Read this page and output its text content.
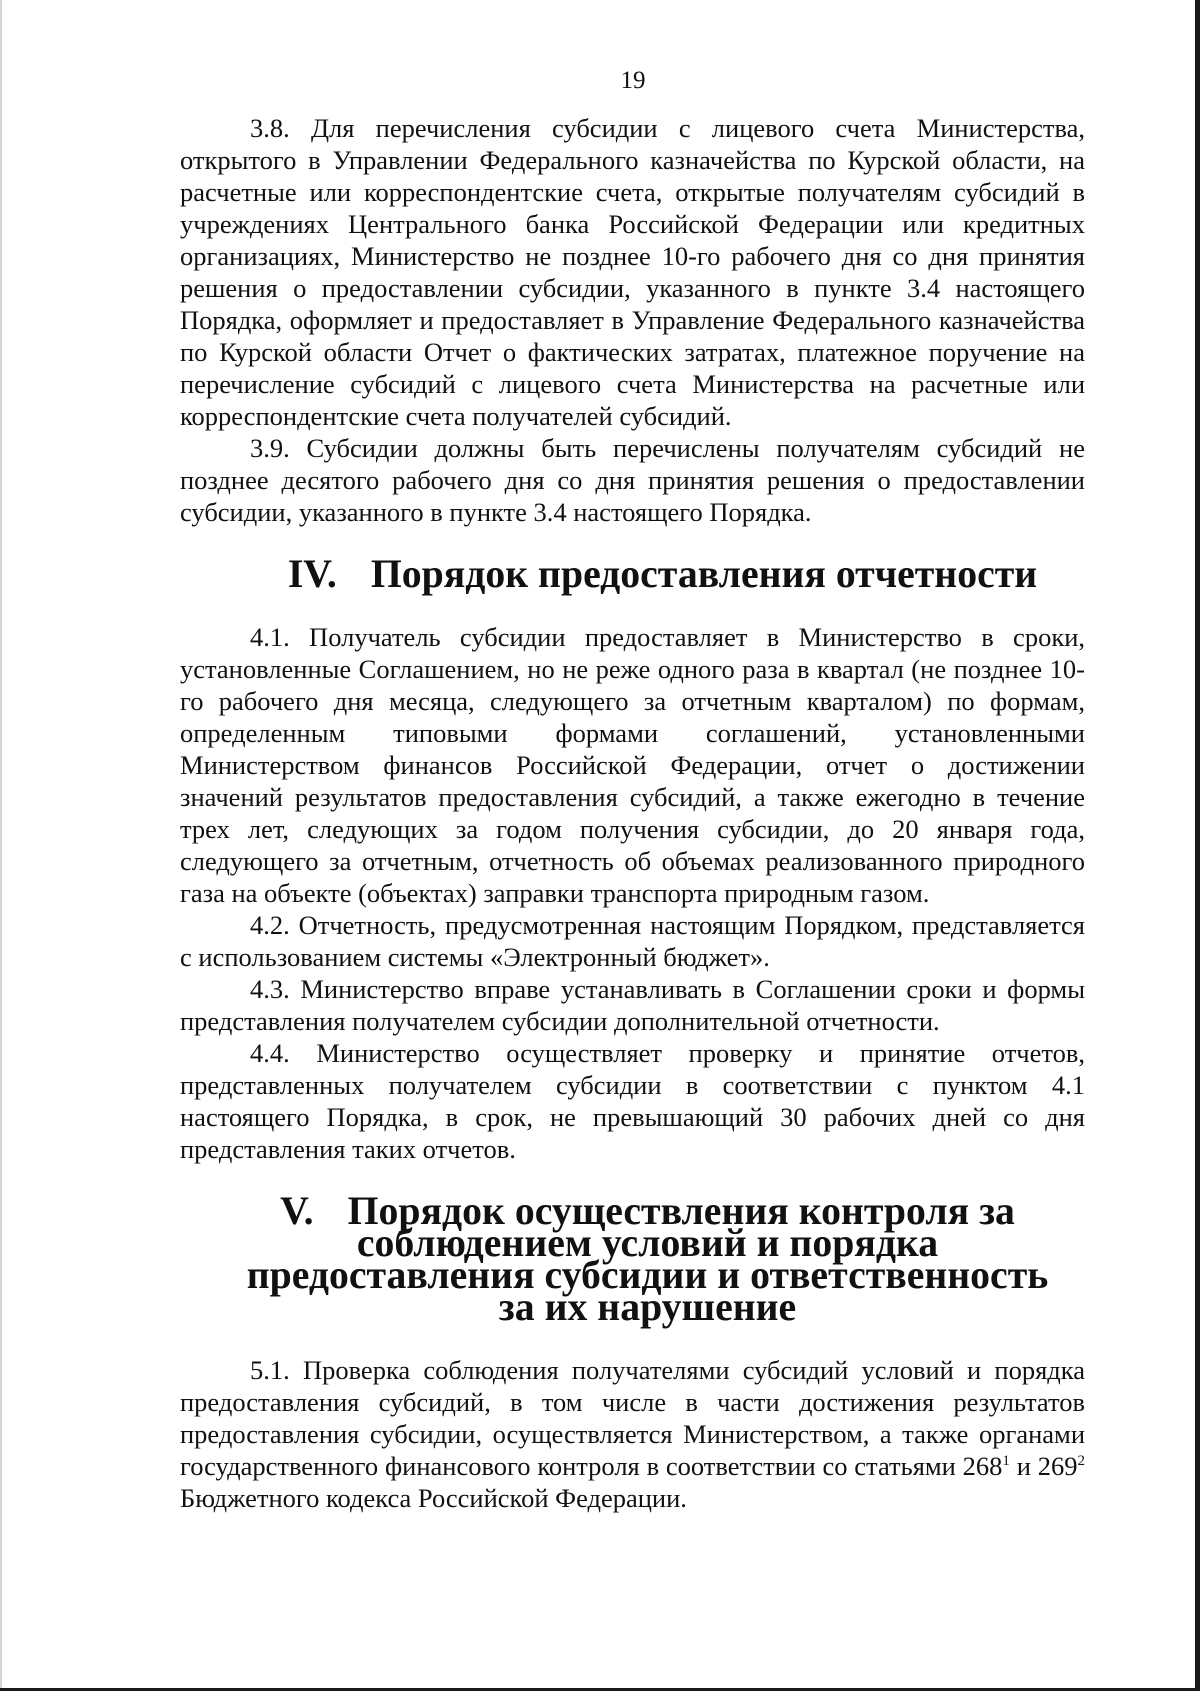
19

3.8. Для перечисления субсидии с лицевого счета Министерства, открытого в Управлении Федерального казначейства по Курской области, на расчетные или корреспондентские счета, открытые получателям субсидий в учреждениях Центрального банка Российской Федерации или кредитных организациях, Министерство не позднее 10-го рабочего дня со дня принятия решения о предоставлении субсидии, указанного в пункте 3.4 настоящего Порядка, оформляет и предоставляет в Управление Федерального казначейства по Курской области Отчет о фактических затратах, платежное поручение на перечисление субсидий с лицевого счета Министерства на расчетные или корреспондентские счета получателей субсидий.

3.9. Субсидии должны быть перечислены получателям субсидий не позднее десятого рабочего дня со дня принятия решения о предоставлении субсидии, указанного в пункте 3.4 настоящего Порядка.

IV. Порядок предоставления отчетности

4.1. Получатель субсидии предоставляет в Министерство в сроки, установленные Соглашением, но не реже одного раза в квартал (не позднее 10-го рабочего дня месяца, следующего за отчетным кварталом) по формам, определенным типовыми формами соглашений, установленными Министерством финансов Российской Федерации, отчет о достижении значений результатов предоставления субсидий, а также ежегодно в течение трех лет, следующих за годом получения субсидии, до 20 января года, следующего за отчетным, отчетность об объемах реализованного природного газа на объекте (объектах) заправки транспорта природным газом.

4.2. Отчетность, предусмотренная настоящим Порядком, представляется с использованием системы «Электронный бюджет».

4.3. Министерство вправе устанавливать в Соглашении сроки и формы представления получателем субсидии дополнительной отчетности.

4.4. Министерство осуществляет проверку и принятие отчетов, представленных получателем субсидии в соответствии с пунктом 4.1 настоящего Порядка, в срок, не превышающий 30 рабочих дней со дня представления таких отчетов.

V. Порядок осуществления контроля за соблюдением условий и порядка предоставления субсидии и ответственность за их нарушение

5.1. Проверка соблюдения получателями субсидий условий и порядка предоставления субсидий, в том числе в части достижения результатов предоставления субсидии, осуществляется Министерством, а также органами государственного финансового контроля в соответствии со статьями $268^1$ и $269^2$ Бюджетного кодекса Российской Федерации.
